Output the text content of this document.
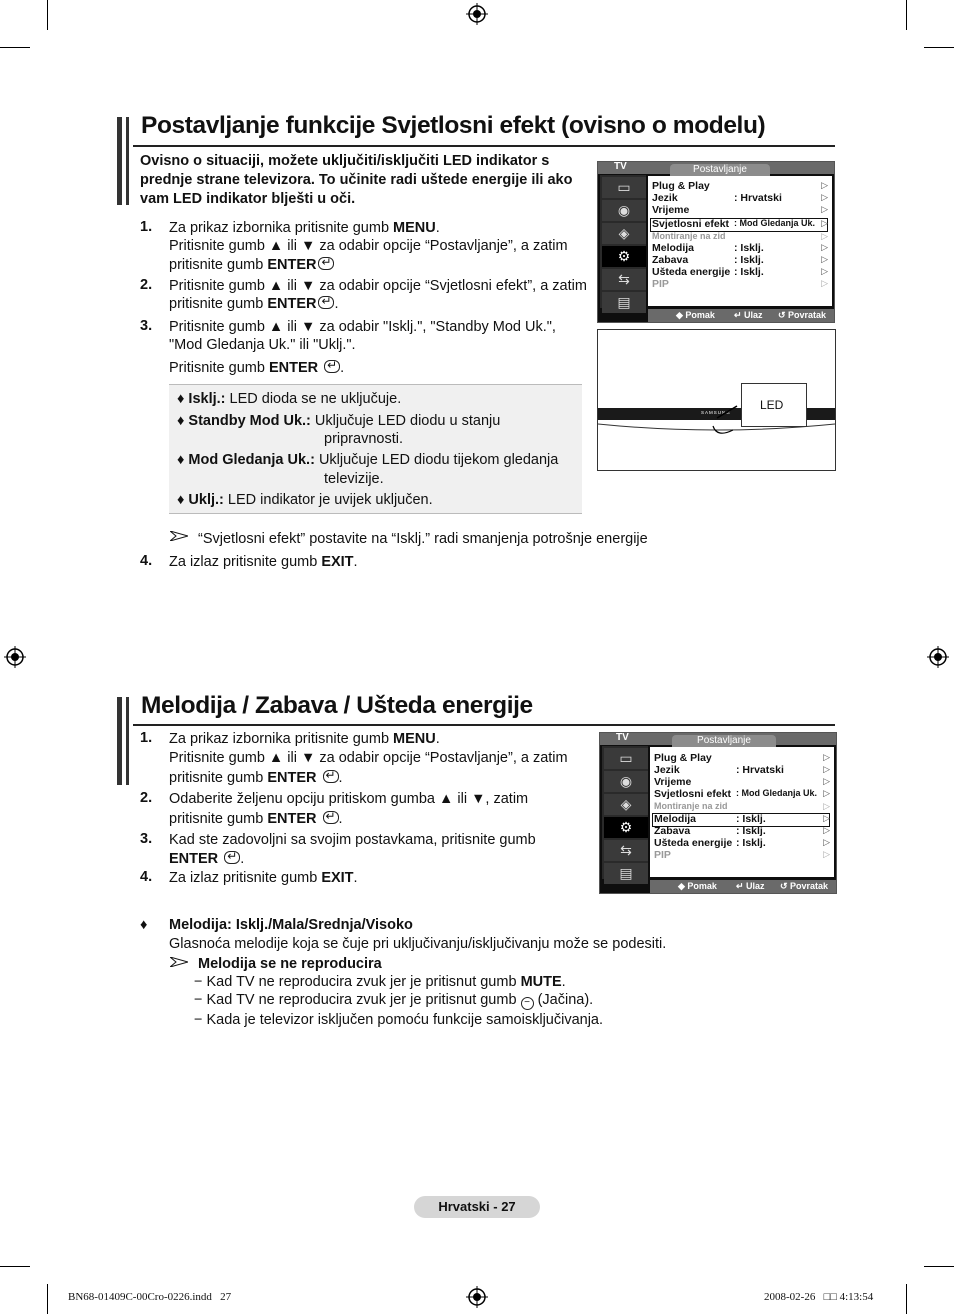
Postavljanje funkcije Svjetlosni efekt (ovisno o modelu)
Ovisno o situaciji, možete uključiti/isključiti LED indikator s
prednje strane televizora. To učinite radi uštede energije ili ako
vam LED indikator blješti u oči.
1. Za prikaz izbornika pritisnite gumb MENU.
Pritisnite gumb ▲ ili ▼ za odabir opcije “Postavljanje”, a zatim
pritisnite gumb ENTER↵
2. Pritisnite gumb ▲ ili ▼ za odabir opcije “Svjetlosni efekt”, a zatim
pritisnite gumb ENTER ↵ .
3. Pritisnite gumb ▲ ili ▼ za odabir "Isklj.", "Standby Mod Uk.",
"Mod Gledanja Uk." ili "Uklj.".
Pritisnite gumb ENTER ↵ .
♦ Isklj.: LED dioda se ne uključuje.
♦ Standby Mod Uk.: Uključuje LED diodu u stanju
pripravnosti.
♦ Mod Gledanja Uk.: Uključuje LED diodu tijekom gledanja
televizije.
♦ Uklj.: LED indikator je uvijek uključen.
“Svjetlosni efekt” postavite na “Isklj.” radi smanjenja potrošnje energije
4. Za izlaz pritisnite gumb EXIT.
TV	Postavljanje
▭
◉
◈
⚙
⇆
▤
Plug & Play
Jezik	: Hrvatski
Vrijeme
Svjetlosni efekt : Mod Gledanja Uk.
Montiranje na zid
Melodija	: Isklj.
Zabava	: Isklj.
Ušteda energije : Isklj.
PIP
▷
▷
▷
▷
▷
▷
▷
▷
▷
◆ Pomak ↵ Ulaz ↺ Povratak
SAMSUNG
LED
Melodija / Zabava / Ušteda energije
1. Za prikaz izbornika pritisnite gumb MENU.
Pritisnite gumb ▲ ili ▼ za odabir opcije “Postavljanje”, a zatim
pritisnite gumb ENTER ↵ .
2. Odaberite željenu opciju pritiskom gumba ▲ ili ▼, zatim
pritisnite gumb ENTER ↵ .
3. Kad ste zadovoljni sa svojim postavkama, pritisnite gumb
ENTER ↵ .
4. Za izlaz pritisnite gumb EXIT.
TV	Postavljanje
▭
◉
◈
⚙
⇆
▤
Plug & Play
Jezik	: Hrvatski
Vrijeme
Svjetlosni efekt : Mod Gledanja Uk.
Montiranje na zid
Melodija	: Isklj.
Zabava	: Isklj.
Ušteda energije : Isklj.
PIP
▷
▷
▷
▷
▷
▷
▷
▷
▷
◆ Pomak ↵ Ulaz ↺ Povratak
♦ Melodija: Isklj./Mala/Srednja/Visoko
Glasnoća melodije koja se čuje pri uključivanju/isključivanju može se podesiti.
Melodija se ne reproducira
− Kad TV ne reproducira zvuk jer je pritisnut gumb MUTE.
− Kad TV ne reproducira zvuk jer je pritisnut gumb − (Jačina).
− Kada je televizor isključen pomoću funkcije samoisključivanja.
Hrvatski - 27
BN68-01409C-00Cro-0226.indd   27	2008-02-26   □□ 4:13:54
